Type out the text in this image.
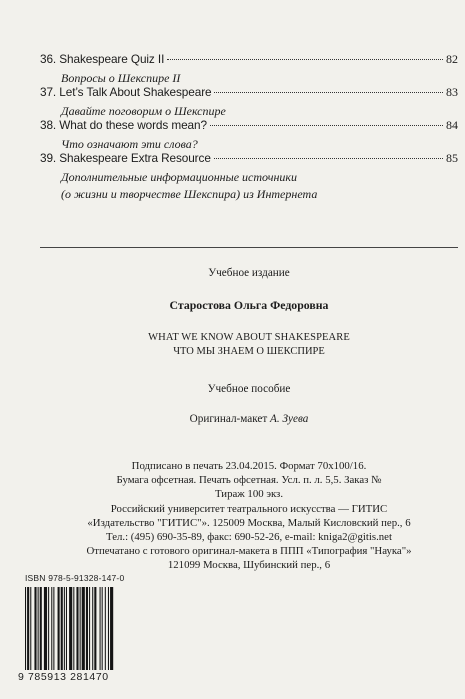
36. Shakespeare Quiz II	82
Вопросы о Шекспире II
37. Let’s Talk About Shakespeare	83
Давайте поговорим о Шекспире
38. What do these words mean?	84
Что означают эти слова?
39. Shakespeare Extra Resource	85
Дополнительные информационные источники
(о жизни и творчестве Шекспира) из Интернета
Учебное издание
Старостова Ольга Федоровна
WHAT WE KNOW ABOUT SHAKESPEARE
ЧТО МЫ ЗНАЕМ О ШЕКСПИРЕ
Учебное пособие
Оригинал-макет А. Зуева
Подписано в печать 23.04.2015. Формат 70х100/16.
Бумага офсетная. Печать офсетная. Усл. п. л. 5,5. Заказ №
Тираж 100 экз.
Российский университет театрального искусства — ГИТИС
«Издательство "ГИТИС"». 125009 Москва, Малый Кисловский пер., 6
Тел.: (495) 690-35-89, факс: 690-52-26, e-mail: kniga2@gitis.net
Отпечатано с готового оригинал-макета в ППП «Типография "Наука"»
121099 Москва, Шубинский пер., 6
ISBN 978-5-91328-147-0
9 785913 281470
